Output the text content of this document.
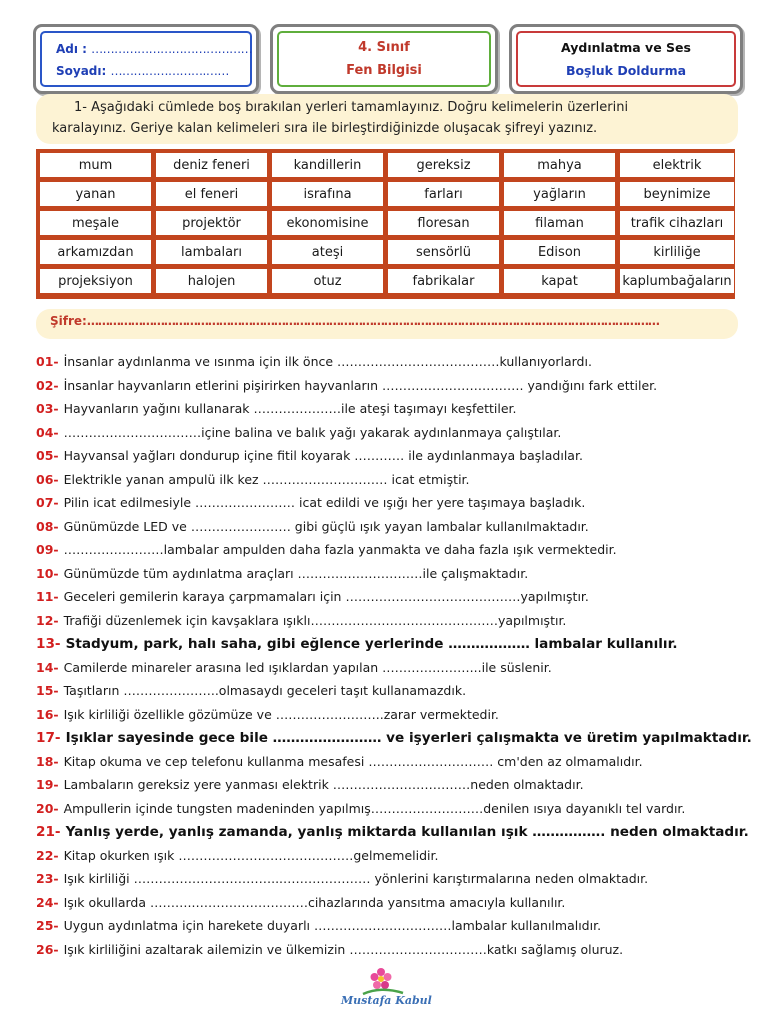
Adı : ……………………………………
Soyadı: …………………….……
4. Sınıf
Fen Bilgisi
Aydınlatma ve Ses
Boşluk Doldurma
1- Aşağıdaki cümlede boş bırakılan yerleri tamamlayınız. Doğru kelimelerin üzerlerini
karalayınız. Geriye kalan kelimeleri sıra ile birleştirdiğinizde oluşacak şifreyi yazınız.
mum	deniz feneri	kandillerin	gereksiz	mahya	elektrik
yanan	el feneri	israfına	farları	yağların	beynimize
meşale	projektör	ekonomisine	floresan	filaman	trafik cihazları
arkamızdan	lambaları	ateşi	sensörlü	Edison	kirliliğe
projeksiyon	halojen	otuz	fabrikalar	kapat	kaplumbağaların
Şifre:…………………………………………………………………………………………………………………………………………
01- İnsanlar aydınlanma ve ısınma için ilk önce …………………………………kullanıyorlardı.
02- İnsanlar hayvanların etlerini pişirirken hayvanların ……………………………. yandığını fark ettiler.
03- Hayvanların yağını kullanarak …………………ile ateşi taşımayı keşfettiler.
04- ……………………………içine balina ve balık yağı yakarak aydınlanmaya çalıştılar.
05- Hayvansal yağları dondurup içine fitil koyarak ………… ile aydınlanmaya başladılar.
06- Elektrikle yanan ampulü ilk kez ………………………… icat etmiştir.
07- Pilin icat edilmesiyle …………………… icat edildi ve ışığı her yere taşımaya başladık.
08- Günümüzde LED ve …………………… gibi güçlü ışık yayan lambalar kullanılmaktadır.
09- ……………………lambalar ampulden daha fazla yanmakta ve daha fazla ışık vermektedir.
10- Günümüzde tüm aydınlatma araçları …………………………ile çalışmaktadır.
11- Geceleri gemilerin karaya çarpmamaları için ……………………………………yapılmıştır.
12- Trafiği düzenlemek için kavşaklara ışıklı………………………………………yapılmıştır.
13- Stadyum, park, halı saha, gibi eğlence yerlerinde ……………… lambalar kullanılır.
14- Camilerde minareler arasına led ışıklardan yapılan …………………...ile süslenir.
15- Taşıtların …………………..olmasaydı geceleri taşıt kullanamazdık.
16- Işık kirliliği özellikle gözümüze ve ……………………..zarar vermektedir.
17- Işıklar sayesinde gece bile …………………… ve işyerleri çalışmakta ve üretim yapılmaktadır.
18- Kitap okuma ve cep telefonu kullanma mesafesi ………………………… cm'den az olmamalıdır.
19- Lambaların gereksiz yere yanması elektrik ……………………………neden olmaktadır.
20- Ampullerin içinde tungsten madeninden yapılmış………………………denilen ısıya dayanıklı tel vardır.
21- Yanlış yerde, yanlış zamanda, yanlış miktarda kullanılan ışık ……………. neden olmaktadır.
22- Kitap okurken ışık ……………………………………gelmemelidir.
23- Işık kirliliği ……………………………...………………… yönlerini karıştırmalarına neden olmaktadır.
24- Işık okullarda ………..………………………cihazlarında yansıtma amacıyla kullanılır.
25- Uygun aydınlatma için harekete duyarlı ……………………………lambalar kullanılmalıdır.
26- Işık kirliliğini azaltarak ailemizin ve ülkemizin ……………………………katkı sağlamış oluruz.
Mustafa Kabul
